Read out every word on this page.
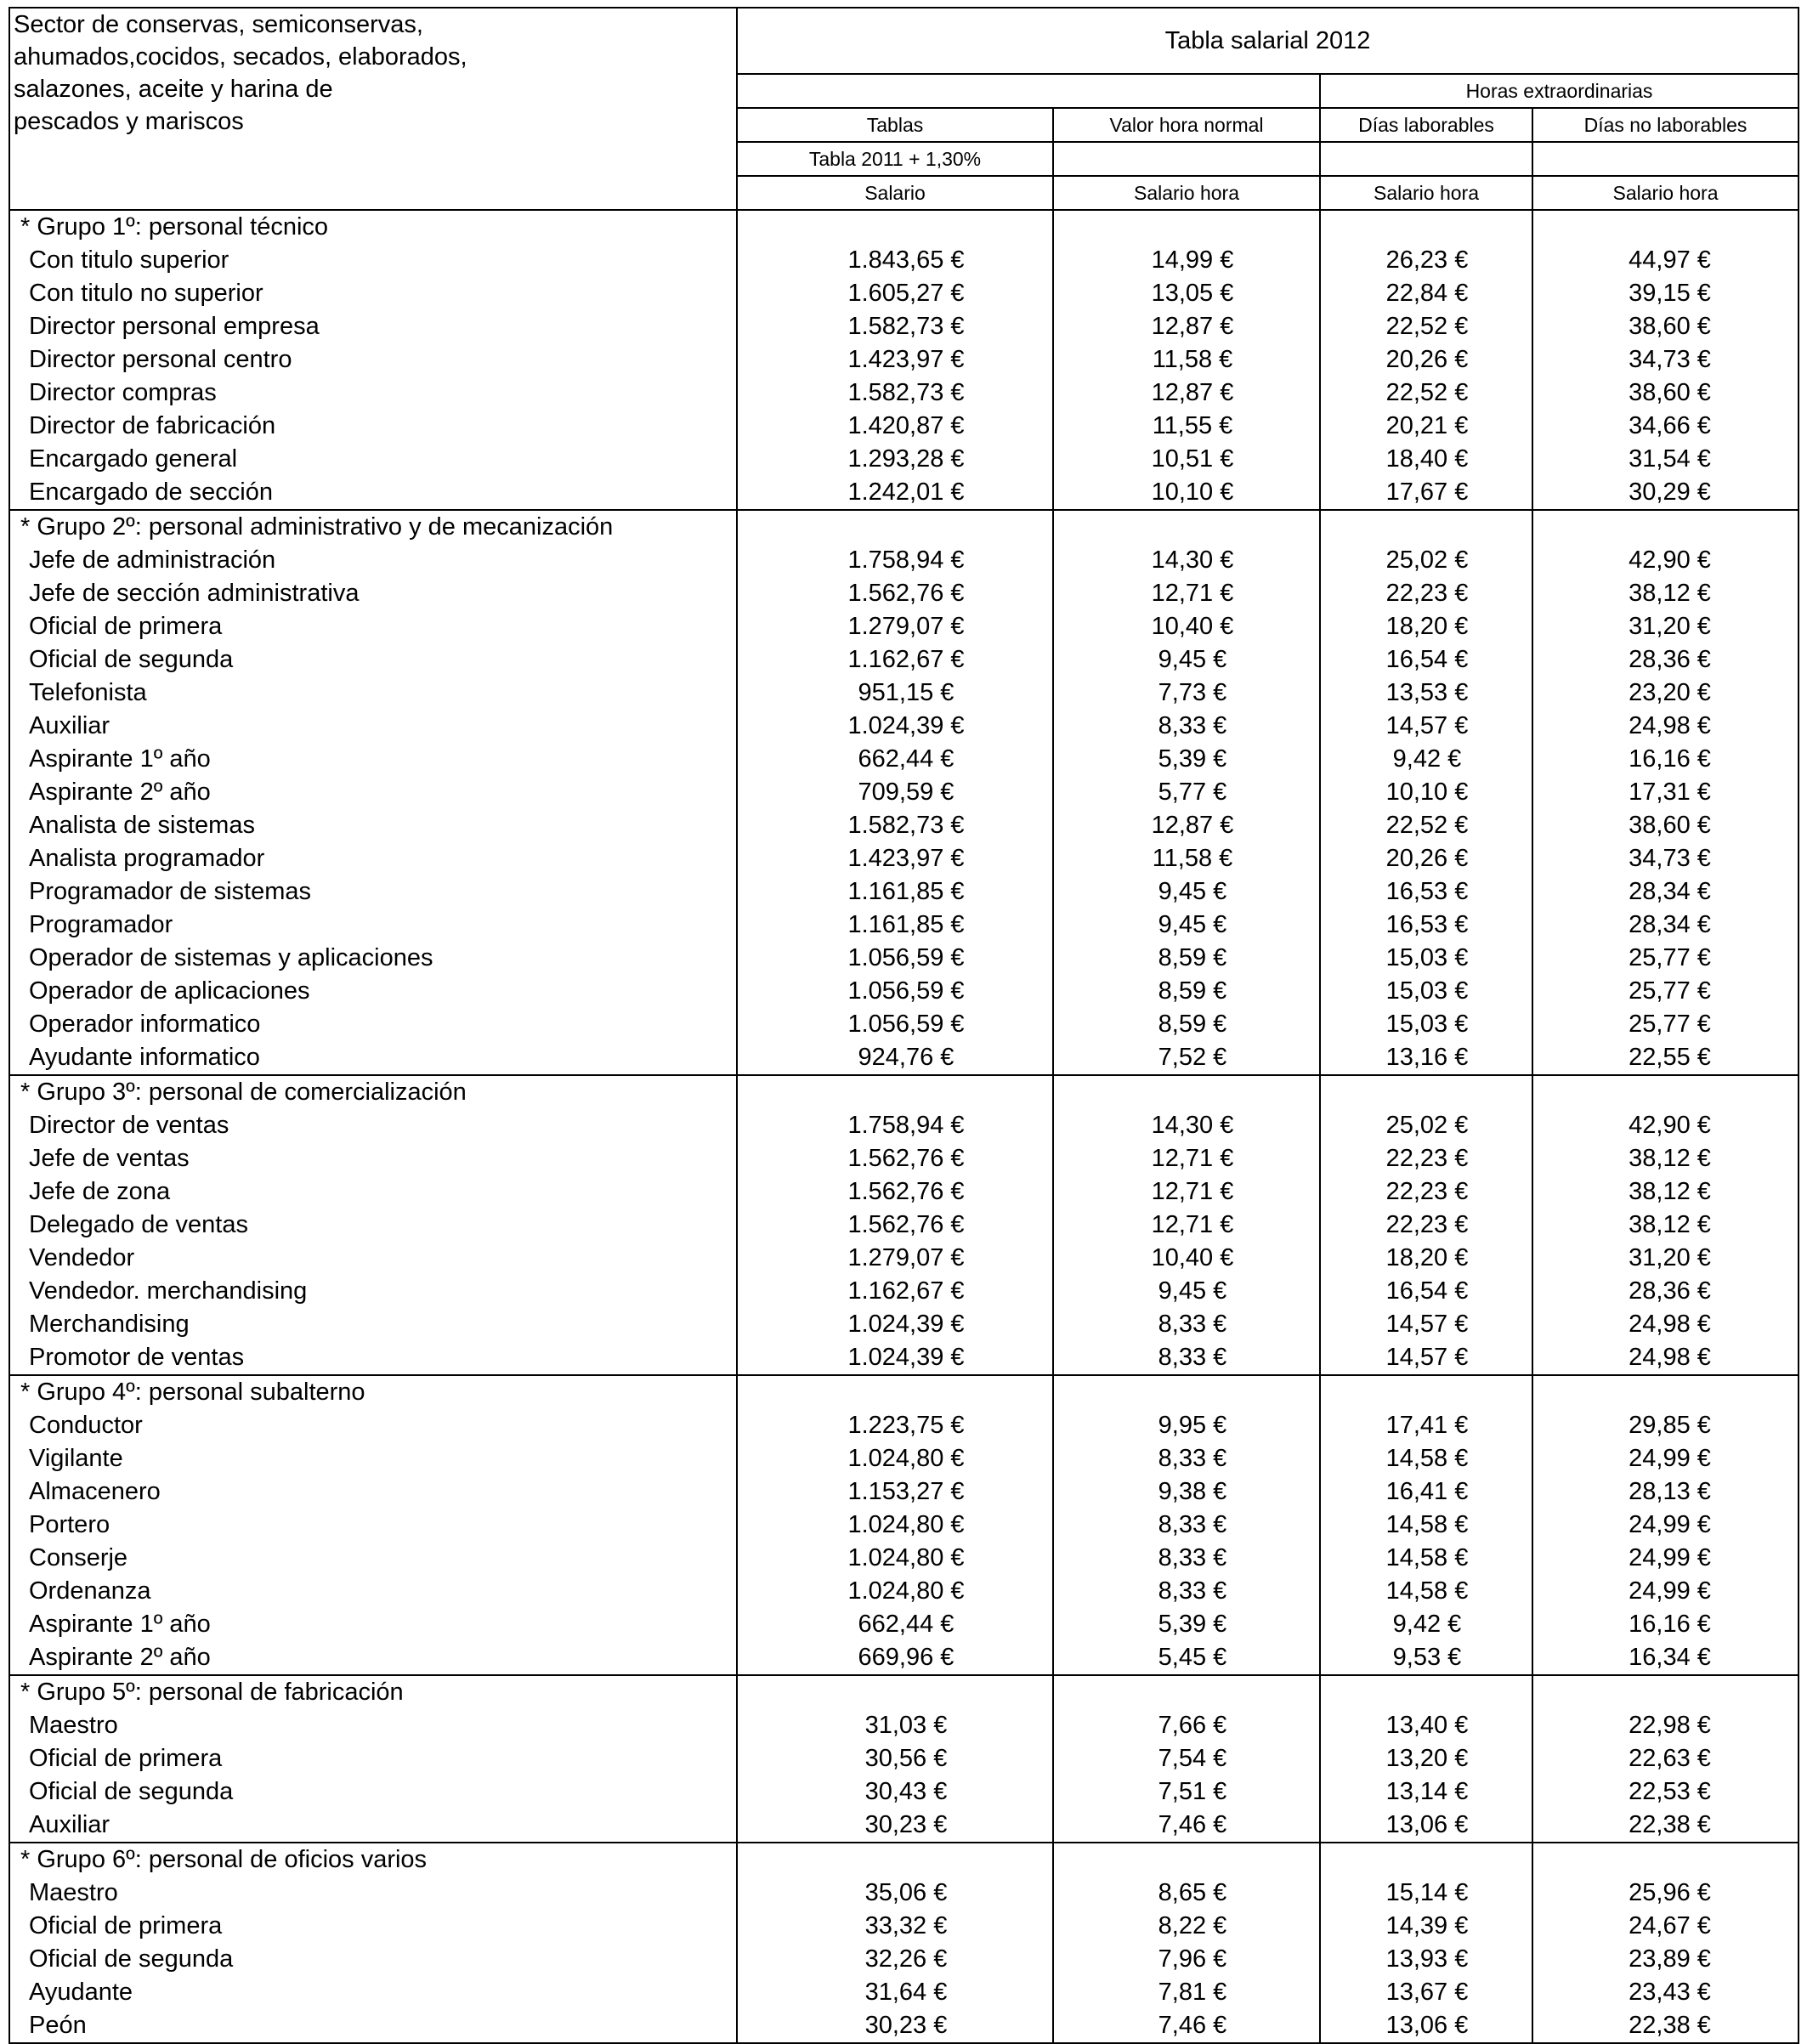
Sector de conservas, semiconservas,
ahumados,cocidos, secados, elaborados,
salazones, aceite y harina de
pescados y mariscos	Tabla salarial 2012			
			Horas extraordinarias	
	Tablas	Valor hora normal	Días laborables	Días no laborables
	Tabla 2011 + 1,30%			
	Salario	Salario hora	Salario hora	Salario hora
* Grupo 1º: personal técnico				
Con titulo superior	1.843,65 €	14,99 €	26,23 €	44,97 €
Con titulo no superior	1.605,27 €	13,05 €	22,84 €	39,15 €
Director personal empresa	1.582,73 €	12,87 €	22,52 €	38,60 €
Director personal centro	1.423,97 €	11,58 €	20,26 €	34,73 €
Director compras	1.582,73 €	12,87 €	22,52 €	38,60 €
Director de fabricación	1.420,87 €	11,55 €	20,21 €	34,66 €
Encargado general	1.293,28 €	10,51 €	18,40 €	31,54 €
Encargado de sección	1.242,01 €	10,10 €	17,67 €	30,29 €
* Grupo 2º: personal administrativo y de mecanización				
Jefe de administración	1.758,94 €	14,30 €	25,02 €	42,90 €
Jefe de sección administrativa	1.562,76 €	12,71 €	22,23 €	38,12 €
Oficial de primera	1.279,07 €	10,40 €	18,20 €	31,20 €
Oficial de segunda	1.162,67 €	9,45 €	16,54 €	28,36 €
Telefonista	951,15 €	7,73 €	13,53 €	23,20 €
Auxiliar	1.024,39 €	8,33 €	14,57 €	24,98 €
Aspirante 1º año	662,44 €	5,39 €	9,42 €	16,16 €
Aspirante 2º año	709,59 €	5,77 €	10,10 €	17,31 €
Analista de sistemas	1.582,73 €	12,87 €	22,52 €	38,60 €
Analista programador	1.423,97 €	11,58 €	20,26 €	34,73 €
Programador de sistemas	1.161,85 €	9,45 €	16,53 €	28,34 €
Programador	1.161,85 €	9,45 €	16,53 €	28,34 €
Operador de sistemas y aplicaciones	1.056,59 €	8,59 €	15,03 €	25,77 €
Operador de aplicaciones	1.056,59 €	8,59 €	15,03 €	25,77 €
Operador informatico	1.056,59 €	8,59 €	15,03 €	25,77 €
Ayudante informatico	924,76 €	7,52 €	13,16 €	22,55 €
* Grupo 3º: personal de comercialización				
Director de ventas	1.758,94 €	14,30 €	25,02 €	42,90 €
Jefe de ventas	1.562,76 €	12,71 €	22,23 €	38,12 €
Jefe de zona	1.562,76 €	12,71 €	22,23 €	38,12 €
Delegado de ventas	1.562,76 €	12,71 €	22,23 €	38,12 €
Vendedor	1.279,07 €	10,40 €	18,20 €	31,20 €
Vendedor. merchandising	1.162,67 €	9,45 €	16,54 €	28,36 €
Merchandising	1.024,39 €	8,33 €	14,57 €	24,98 €
Promotor de ventas	1.024,39 €	8,33 €	14,57 €	24,98 €
* Grupo 4º: personal subalterno				
Conductor	1.223,75 €	9,95 €	17,41 €	29,85 €
Vigilante	1.024,80 €	8,33 €	14,58 €	24,99 €
Almacenero	1.153,27 €	9,38 €	16,41 €	28,13 €
Portero	1.024,80 €	8,33 €	14,58 €	24,99 €
Conserje	1.024,80 €	8,33 €	14,58 €	24,99 €
Ordenanza	1.024,80 €	8,33 €	14,58 €	24,99 €
Aspirante 1º año	662,44 €	5,39 €	9,42 €	16,16 €
Aspirante 2º año	669,96 €	5,45 €	9,53 €	16,34 €
* Grupo 5º: personal de fabricación				
Maestro	31,03 €	7,66 €	13,40 €	22,98 €
Oficial de primera	30,56 €	7,54 €	13,20 €	22,63 €
Oficial de segunda	30,43 €	7,51 €	13,14 €	22,53 €
Auxiliar	30,23 €	7,46 €	13,06 €	22,38 €
* Grupo 6º: personal de oficios varios				
Maestro	35,06 €	8,65 €	15,14 €	25,96 €
Oficial de primera	33,32 €	8,22 €	14,39 €	24,67 €
Oficial de segunda	32,26 €	7,96 €	13,93 €	23,89 €
Ayudante	31,64 €	7,81 €	13,67 €	23,43 €
Peón	30,23 €	7,46 €	13,06 €	22,38 €
